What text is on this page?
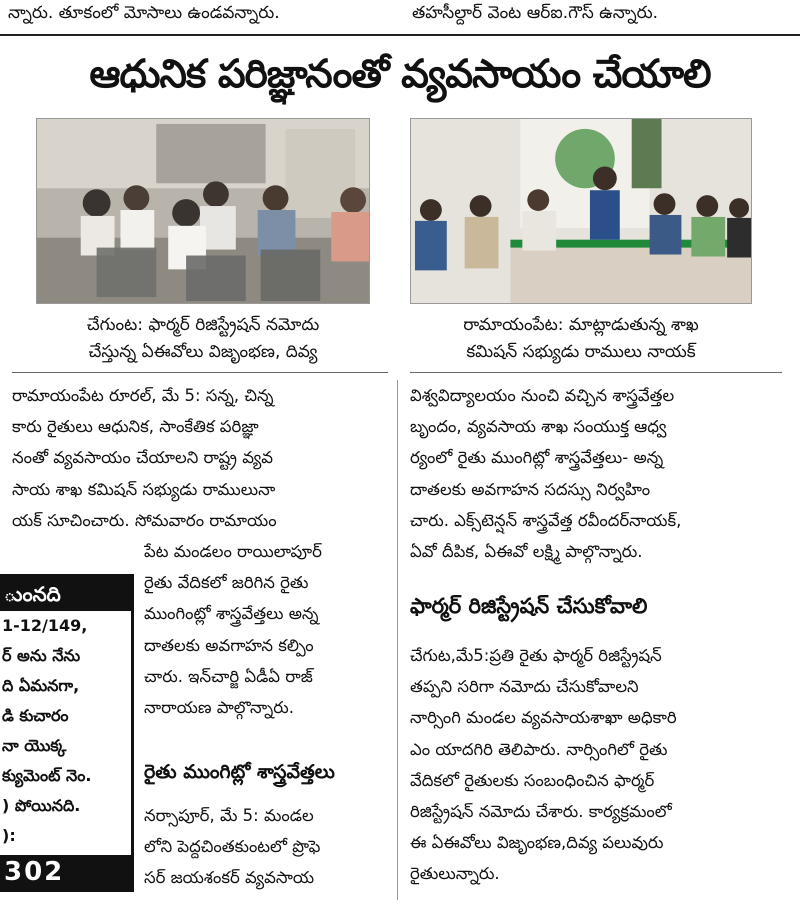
న్నారు. తూకంలో మోసాలు ఉండవన్నారు.	తహసీల్దార్ వెంట ఆర్ఐ.గౌస్ ఉన్నారు.
ఆధునిక పరిజ్ఞానంతో వ్యవసాయం చేయాలి
చేగుంట: ఫార్మర్ రిజిస్ట్రేషన్ నమోదు
చేస్తున్న ఏఈవోలు విజృంభణ, దివ్య
రామాయంపేట: మాట్లాడుతున్న శాఖ
కమిషన్ సభ్యుడు రాములు నాయక్
రామాయంపేట రూరల్, మే 5: సన్న, చిన్న
కారు రైతులు ఆధునిక, సాంకేతిక పరిజ్ఞా
నంతో వ్యవసాయం చేయాలని రాష్ట్ర వ్యవ
సాయ శాఖ కమిషన్ సభ్యుడు రాములునా
యక్ సూచించారు. సోమవారం రామాయం
పేట మండలం రాయిలాపూర్
రైతు వేదికలో జరిగిన రైతు
ముంగింట్లో శాస్త్రవేత్తలు అన్న
దాతలకు అవగాహన కల్పిం
చారు. ఇన్‌చార్జి ఏడీఏ రాజ్
నారాయణ పాల్గొన్నారు.
రైతు ముంగిట్లో శాస్త్రవేత్తలు
నర్సాపూర్, మే 5: మండల
లోని పెద్దచింతకుంటలో ప్రొఫె
సర్ జయశంకర్ వ్యవసాయ
ుంనది
1-12/149,
ర్ అను నేను
ది ఏమనగా,
డి కుచారం
నా యొక్క
క్యుమెంట్ నెం.
) పోయినది.
):
302
విశ్వవిద్యాలయం నుంచి వచ్చిన శాస్త్రవేత్తల
బృందం, వ్యవసాయ శాఖ సంయుక్త ఆధ్వ
ర్యంలో రైతు ముంగిట్లో శాస్త్రవేత్తలు- అన్న
దాతలకు అవగాహన సదస్సు నిర్వహిం
చారు. ఎక్స్‌టెన్షన్ శాస్త్రవేత్త రవీందర్‌నాయక్,
ఏవో దీపిక, ఏఈవో లక్ష్మి పాల్గొన్నారు.
ఫార్మర్ రిజిస్ట్రేషన్ చేసుకోవాలి
చేగుట,మే5:ప్రతి రైతు ఫార్మర్ రిజిస్ట్రేషన్
తప్పని సరిగా నమోదు చేసుకోవాలని
నార్సింగి మండల వ్యవసాయశాఖా అధికారి
ఎం యాదగిరి తెలిపారు. నార్సింగిలో రైతు
వేదికలో రైతులకు సంబంధించిన ఫార్మర్
రిజిస్ట్రేషన్ నమోదు చేశారు. కార్యక్రమంలో
ఈ ఏఈవోలు విజృంభణ,దివ్య పలువురు
రైతులున్నారు.
